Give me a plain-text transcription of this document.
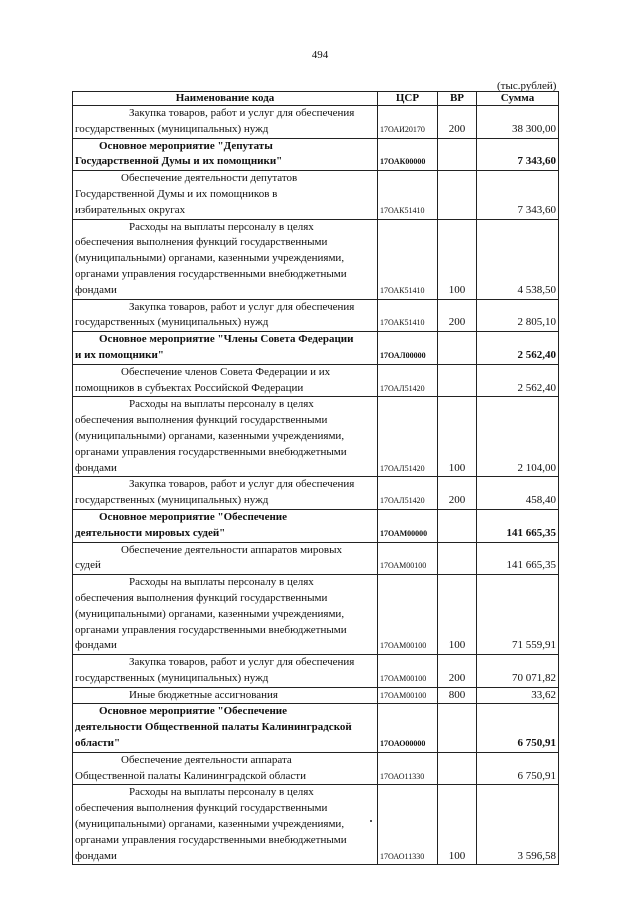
494
(тыс.рублей)
Наименование кода	ЦСР	ВР	Сумма

Закупка товаров, работ и услуг для обеспечения
государственных (муниципальных) нужд	17ОАИ20170	200	38 300,00

Основное мероприятие "Депутаты
Государственной Думы и их помощники"	17ОАК00000		7 343,60

Обеспечение деятельности депутатов
Государственной Думы и их помощников в
избирательных округах	17ОАК51410		7 343,60

Расходы на выплаты персоналу в целях
обеспечения выполнения функций государственными
(муниципальными) органами, казенными учреждениями,
органами управления государственными внебюджетными
фондами	17ОАК51410	100	4 538,50

Закупка товаров, работ и услуг для обеспечения
государственных (муниципальных) нужд	17ОАК51410	200	2 805,10

Основное мероприятие "Члены Совета Федерации
и их помощники"	17ОАЛ00000		2 562,40

Обеспечение членов Совета Федерации и их
помощников в субъектах Российской Федерации	17ОАЛ51420		2 562,40

Расходы на выплаты персоналу в целях
обеспечения выполнения функций государственными
(муниципальными) органами, казенными учреждениями,
органами управления государственными внебюджетными
фондами	17ОАЛ51420	100	2 104,00

Закупка товаров, работ и услуг для обеспечения
государственных (муниципальных) нужд	17ОАЛ51420	200	458,40

Основное мероприятие "Обеспечение
деятельности мировых судей"	17ОАМ00000		141 665,35

Обеспечение деятельности аппаратов мировых
судей	17ОАМ00100		141 665,35

Расходы на выплаты персоналу в целях
обеспечения выполнения функций государственными
(муниципальными) органами, казенными учреждениями,
органами управления государственными внебюджетными
фондами	17ОАМ00100	100	71 559,91

Закупка товаров, работ и услуг для обеспечения
государственных (муниципальных) нужд	17ОАМ00100	200	70 071,82

Иные бюджетные ассигнования	17ОАМ00100	800	33,62

Основное мероприятие "Обеспечение
деятельности Общественной палаты Калининградской
области"	17ОАО00000		6 750,91

Обеспечение деятельности аппарата
Общественной палаты Калининградской области	17ОАО11330		6 750,91

Расходы на выплаты персоналу в целях
обеспечения выполнения функций государственными
(муниципальными) органами, казенными учреждениями,
органами управления государственными внебюджетными
фондами	17ОАО11330	100	3 596,58
